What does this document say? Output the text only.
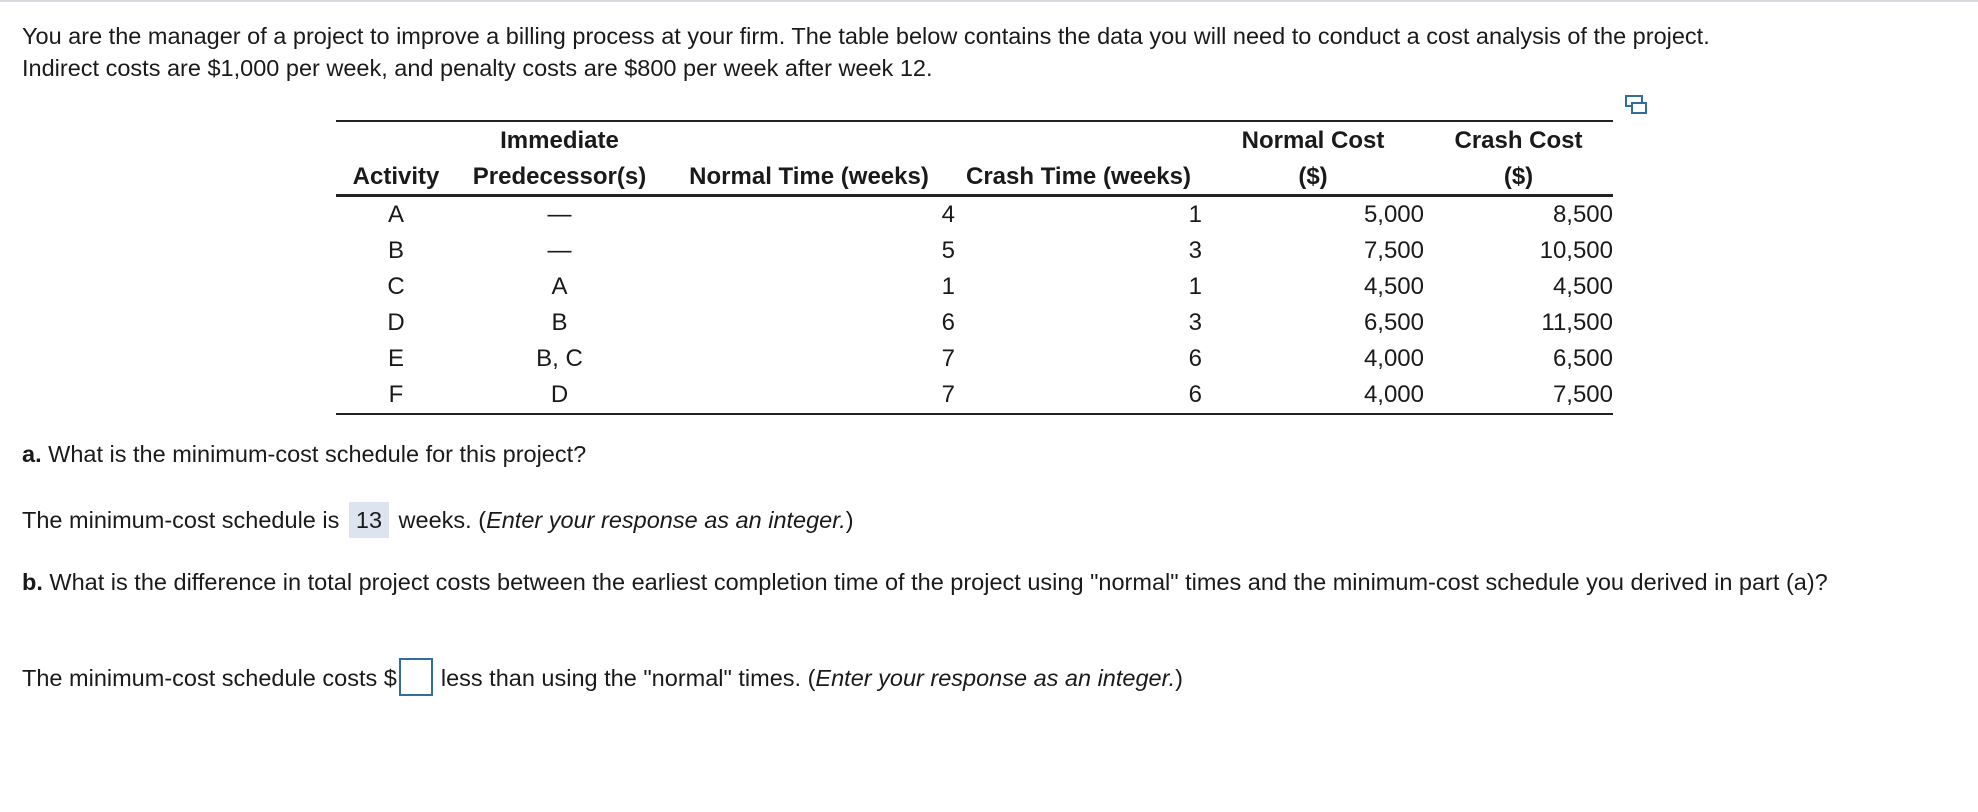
You are the manager of a project to improve a billing process at your firm. The table below contains the data you will need to conduct a cost analysis of the project.
Indirect costs are $1,000 per week, and penalty costs are $800 per week after week 12.
	Immediate			Normal Cost	Crash Cost
Activity	Predecessor(s)	Normal Time (weeks)	Crash Time (weeks)	($)	($)
A	—	4	1	5,000	8,500
B	—	5	3	7,500	10,500
C	A	1	1	4,500	4,500
D	B	6	3	6,500	11,500
E	B, C	7	6	4,000	6,500
F	D	7	6	4,000	7,500
a. What is the minimum-cost schedule for this project?
The minimum-cost schedule is 13 weeks. (Enter your response as an integer.)
b. What is the difference in total project costs between the earliest completion time of the project using "normal" times and the minimum-cost schedule you derived in part (a)?
The minimum-cost schedule costs $ less than using the "normal" times. (Enter your response as an integer.)
